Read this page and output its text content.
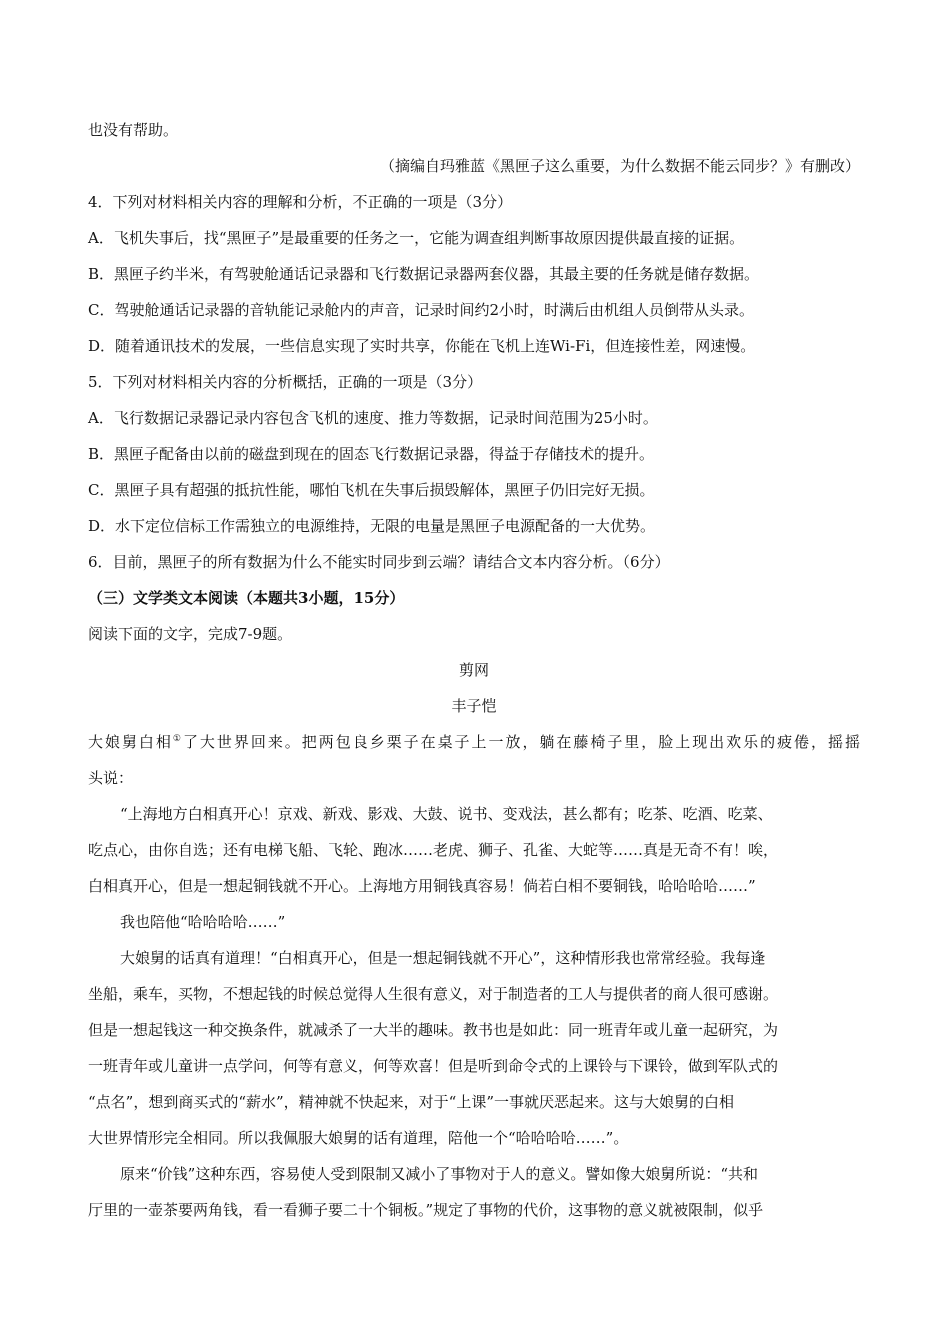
也没有帮助。
（摘编自玛雅蓝《黑匣子这么重要，为什么数据不能云同步？》有删改）
4．下列对材料相关内容的理解和分析，不正确的一项是（3分）
A．飞机失事后，找“黑匣子”是最重要的任务之一，它能为调查组判断事故原因提供最直接的证据。
B．黑匣子约半米，有驾驶舱通话记录器和飞行数据记录器两套仪器，其最主要的任务就是储存数据。
C．驾驶舱通话记录器的音轨能记录舱内的声音，记录时间约2小时，时满后由机组人员倒带从头录。
D．随着通讯技术的发展，一些信息实现了实时共享，你能在飞机上连Wi-Fi，但连接性差，网速慢。
5．下列对材料相关内容的分析概括，正确的一项是（3分）
A．飞行数据记录器记录内容包含飞机的速度、推力等数据，记录时间范围为25小时。
B．黑匣子配备由以前的磁盘到现在的固态飞行数据记录器，得益于存储技术的提升。
C．黑匣子具有超强的抵抗性能，哪怕飞机在失事后损毁解体，黑匣子仍旧完好无损。
D．水下定位信标工作需独立的电源维持，无限的电量是黑匣子电源配备的一大优势。
6．目前，黑匣子的所有数据为什么不能实时同步到云端？请结合文本内容分析。（6分）
（三）文学类文本阅读（本题共3小题，15分）
阅读下面的文字，完成7-9题。
剪网
丰子恺
大娘舅白相①了大世界回来。把两包良乡栗子在桌子上一放，躺在藤椅子里，脸上现出欢乐的疲倦，摇摇
头说：
“上海地方白相真开心！京戏、新戏、影戏、大鼓、说书、变戏法，甚么都有；吃茶、吃酒、吃菜、
吃点心，由你自选；还有电梯飞船、飞轮、跑冰……老虎、狮子、孔雀、大蛇等……真是无奇不有！唉，
白相真开心，但是一想起铜钱就不开心。上海地方用铜钱真容易！倘若白相不要铜钱，哈哈哈哈……”
我也陪他“哈哈哈哈……”
大娘舅的话真有道理！“白相真开心，但是一想起铜钱就不开心”，这种情形我也常常经验。我每逢
坐船，乘车，买物，不想起钱的时候总觉得人生很有意义，对于制造者的工人与提供者的商人很可感谢。
但是一想起钱这一种交换条件，就减杀了一大半的趣味。教书也是如此：同一班青年或儿童一起研究，为
一班青年或儿童讲一点学问，何等有意义，何等欢喜！但是听到命令式的上课铃与下课铃，做到军队式的
“点名”，想到商买式的“薪水”，精神就不快起来，对于“上课”一事就厌恶起来。这与大娘舅的白相
大世界情形完全相同。所以我佩服大娘舅的话有道理，陪他一个“哈哈哈哈……”。
原来“价钱”这种东西，容易使人受到限制又减小了事物对于人的意义。譬如像大娘舅所说：“共和
厅里的一壶茶要两角钱，看一看狮子要二十个铜板。”规定了事物的代价，这事物的意义就被限制，似乎
